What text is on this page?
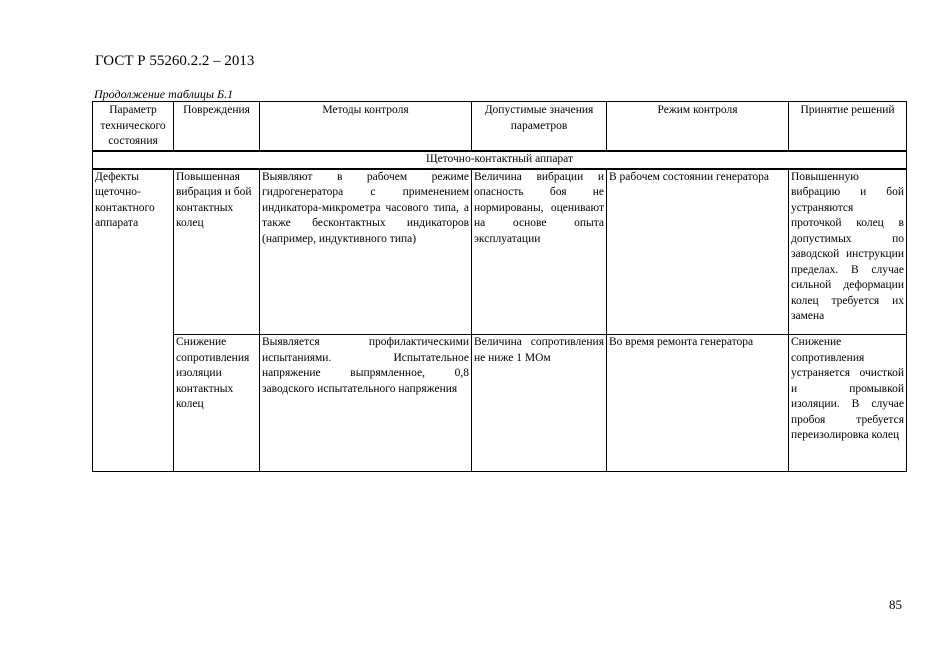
ГОСТ Р 55260.2.2 – 2013
Продолжение таблицы Б.1
Параметр технического состояния	Повреждения	Методы контроля	Допустимые значения параметров	Режим контроля	Принятие решений
Щеточно-контактный аппарат					
Дефекты щеточно-контактного аппарата	Повышенная вибрация и бой контактных колец	Выявляют в рабочем режиме гидрогенератора с применением индикатора-микрометра часового типа, а также бесконтактных индикаторов (например, индуктивного типа)	Величина вибрации и опасность боя не нормированы, оценивают на основе опыта эксплуатации	В рабочем состоянии генератора	Повышенную вибрацию и бой устраняются проточкой колец в допустимых по заводской инструкции пределах. В случае сильной деформации колец требуется их замена
	Снижение сопротивления изоляции контактных колец	Выявляется профилактическими испытаниями. Испытательное напряжение выпрямленное, 0,8 заводского испытательного напряжения	Величина сопротивления не ниже 1 МОм	Во время ремонта генератора	Снижение сопротивления устраняется очисткой и промывкой изоляции. В случае пробоя требуется переизолировка колец
85
